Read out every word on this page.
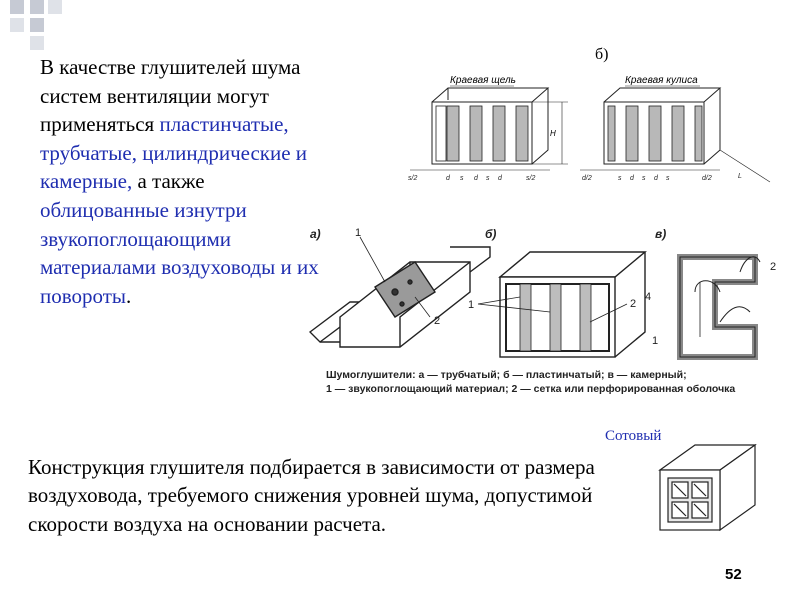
В качестве глушителей шума систем вентиляции могут применяться пластинчатые, трубчатые, цилиндрические и камерные, а также облицованные изнутри звукопоглощающими материалами воздуховоды и их повороты.
Конструкция глушителя подбирается в зависимости от размера воздуховода, требуемого снижения уровней шума, допустимой скорости воздуха на основании расчета.
б)
Сотовый
52
H
Краевая щель	Краевая кулиса
s/2	d s d s d	s/2	d/2	s d s d s	d/2	L
а)	1
2
б)
1	2
в)
2
1
4
Шумоглушители: а — трубчатый; б — пластинчатый; в — камерный;
1 — звукопоглощающий материал; 2 — сетка или перфорированная оболочка
